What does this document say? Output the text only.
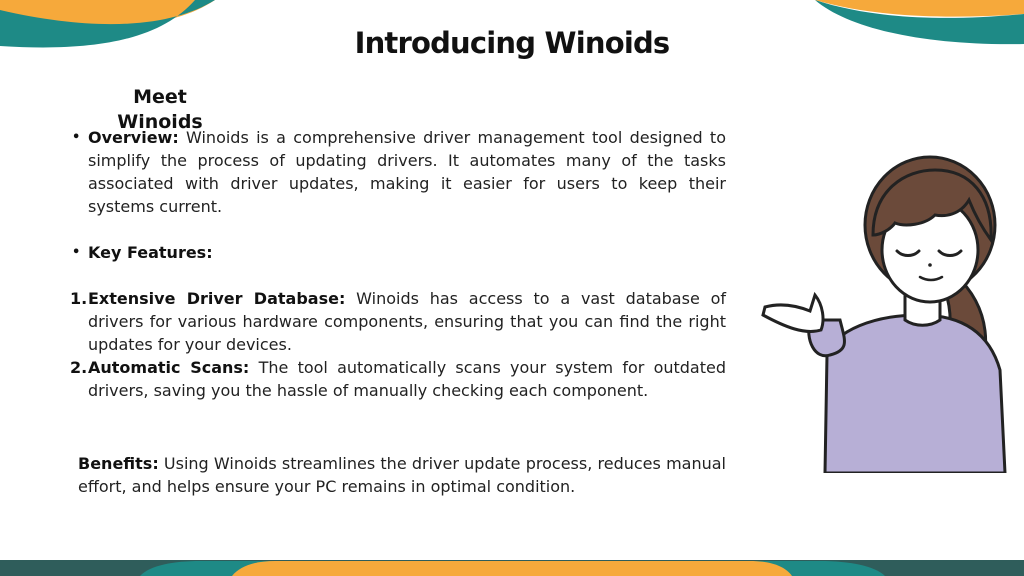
Introducing Winoids
Meet Winoids
• Overview: Winoids is a comprehensive driver management tool designed to simplify the process of updating drivers. It automates many of the tasks associated with driver updates, making it easier for users to keep their systems current.
• Key Features:
1. Extensive Driver Database: Winoids has access to a vast database of drivers for various hardware components, ensuring that you can find the right updates for your devices.
2. Automatic Scans: The tool automatically scans your system for outdated drivers, saving you the hassle of manually checking each component.
Benefits: Using Winoids streamlines the driver update process, reduces manual effort, and helps ensure your PC remains in optimal condition.
